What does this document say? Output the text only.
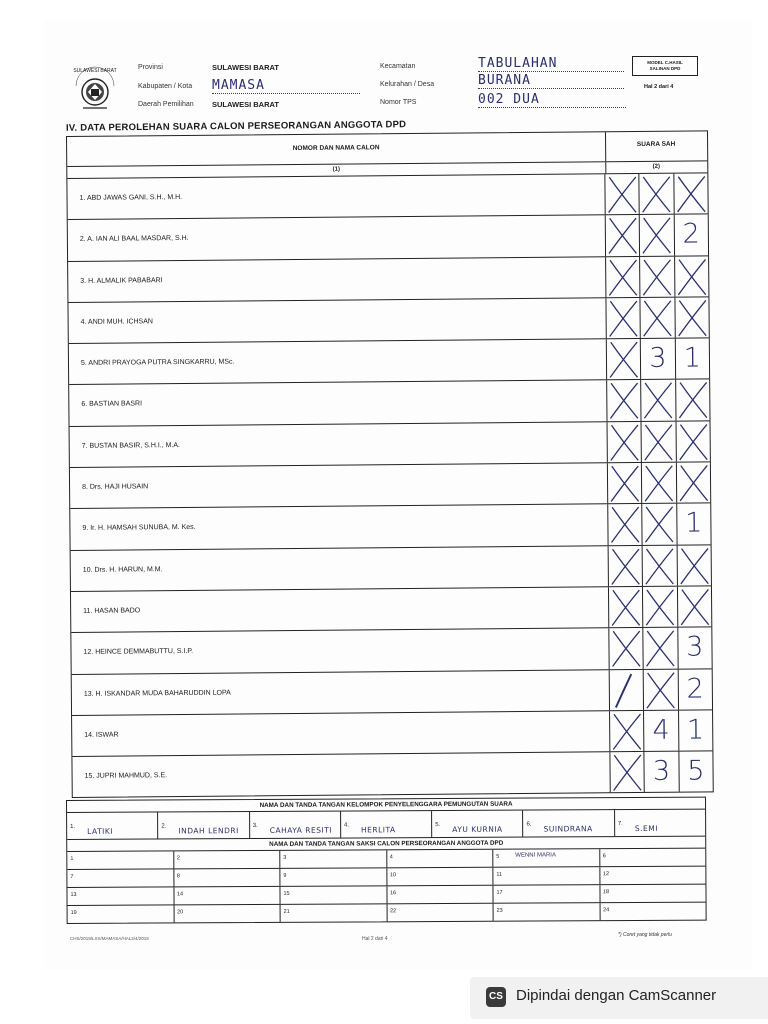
SULAWESI BARAT	Provinsi	SULAWESI BARAT
Kabupaten / Kota MAMASA
Daerah Pemilihan SULAWESI BARAT
Kecamatan	TABULAHAN
Kelurahan / Desa	BURANA
Nomor TPS	002 DUA
MODEL C.HASIL
SALINAN DPD
Hal 2 dari 4
IV. DATA PEROLEHAN SUARA CALON PERSEORANGAN ANGGOTA DPD
NOMOR DAN NAMA CALON	SUARA SAH
(1)	(2)
1. ABD JAWAS GANI, S.H., M.H.
2. A. IAN ALI BAAL MASDAR, S.H.	2
3. H. ALMALIK PABABARI
4. ANDI MUH. ICHSAN
5. ANDRI PRAYOGA PUTRA SINGKARRU, MSc.	3 1
6. BASTIAN BASRI
7. BUSTAN BASIR, S.H.I., M.A.
8. Drs. HAJI HUSAIN
9. Ir. H. HAMSAH SUNUBA, M. Kes.	1
10. Drs. H. HARUN, M.M.
11. HASAN BADO
12. HEINCE DEMMABUTTU, S.I.P.	3
13. H. ISKANDAR MUDA BAHARUDDIN LOPA	2
14. ISWAR	4 1
15. JUPRI MAHMUD, S.E.	3 5
NAMA DAN TANDA TANGAN KELOMPOK PENYELENGGARA PEMUNGUTAN SUARA
1. LATIKI
2. INDAH LENDRI
3. CAHAYA RESITI
4. HERLITA
5. AYU KURNIA
6. SUINDRANA
7. S.EMI
NAMA DAN TANDA TANGAN SAKSI CALON PERSEORANGAN ANGGOTA DPD
1	2	3	4	5	WENNI MARIA	6
7	8	9	10	11	12
13	14	15	16	17	18
19	20	21	22	23	24
CHS/2019/LXX/MAMASA/HAL2/4/2019	Hal 2 dari 4
*) Coret yang tidak perlu
CS Dipindai dengan CamScanner
